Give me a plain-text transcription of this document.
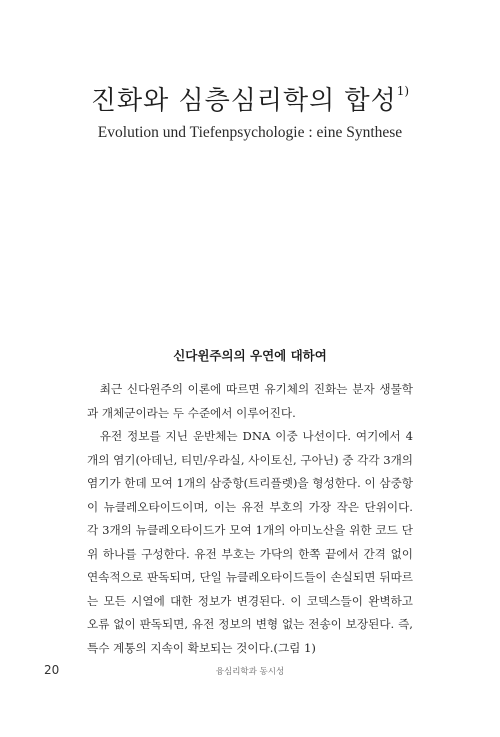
진화와 심층심리학의 합성$^{1)}$
Evolution und Tiefenpsychologie : eine Synthese
신다윈주의의 우연에 대하여

최근 신다윈주의 이론에 따르면 유기체의 진화는 분자 생물학과 개체군이라는 두 수준에서 이루어진다.

유전 정보를 지닌 운반체는 DNA 이중 나선이다. 여기에서 4개의 염기(아데닌, 티민/우라실, 사이토신, 구아닌) 중 각각 3개의 염기가 한데 모여 1개의 삼중항(트리플렛)을 형성한다. 이 삼중항이 뉴클레오타이드이며, 이는 유전 부호의 가장 작은 단위이다. 각 3개의 뉴클레오타이드가 모여 1개의 아미노산을 위한 코드 단위 하나를 구성한다. 유전 부호는 가닥의 한쪽 끝에서 간격 없이 연속적으로 판독되며, 단일 뉴클레오타이드들이 손실되면 뒤따르는 모든 시열에 대한 정보가 변경된다. 이 코덱스들이 완벽하고 오류 없이 판독되면, 유전 정보의 변형 없는 전송이 보장된다. 즉, 특수 계통의 지속이 확보되는 것이다.(그림 1)

20	융심리학과 동시성
